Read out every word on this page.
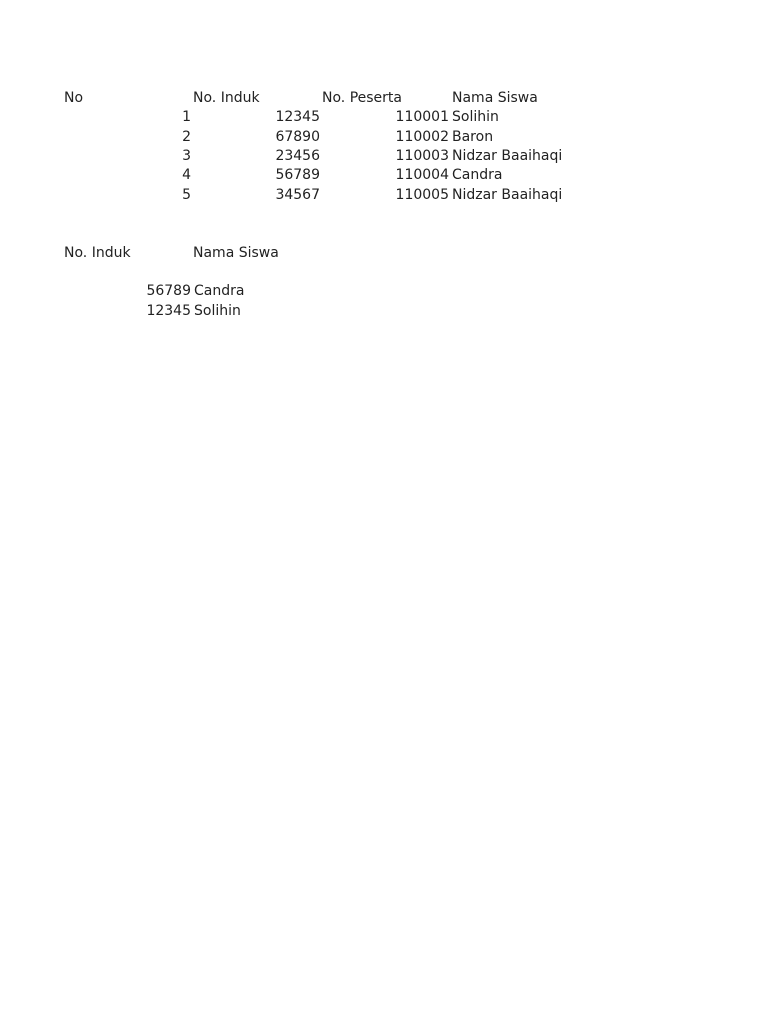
No	No. Induk	No. Peserta	Nama Siswa
1	12345	110001 Solihin
2	67890	110002 Baron
3	23456	110003 Nidzar Baaihaqi
4	56789	110004 Candra
5	34567	110005 Nidzar Baaihaqi
No. Induk	Nama Siswa
56789 Candra
12345 Solihin
